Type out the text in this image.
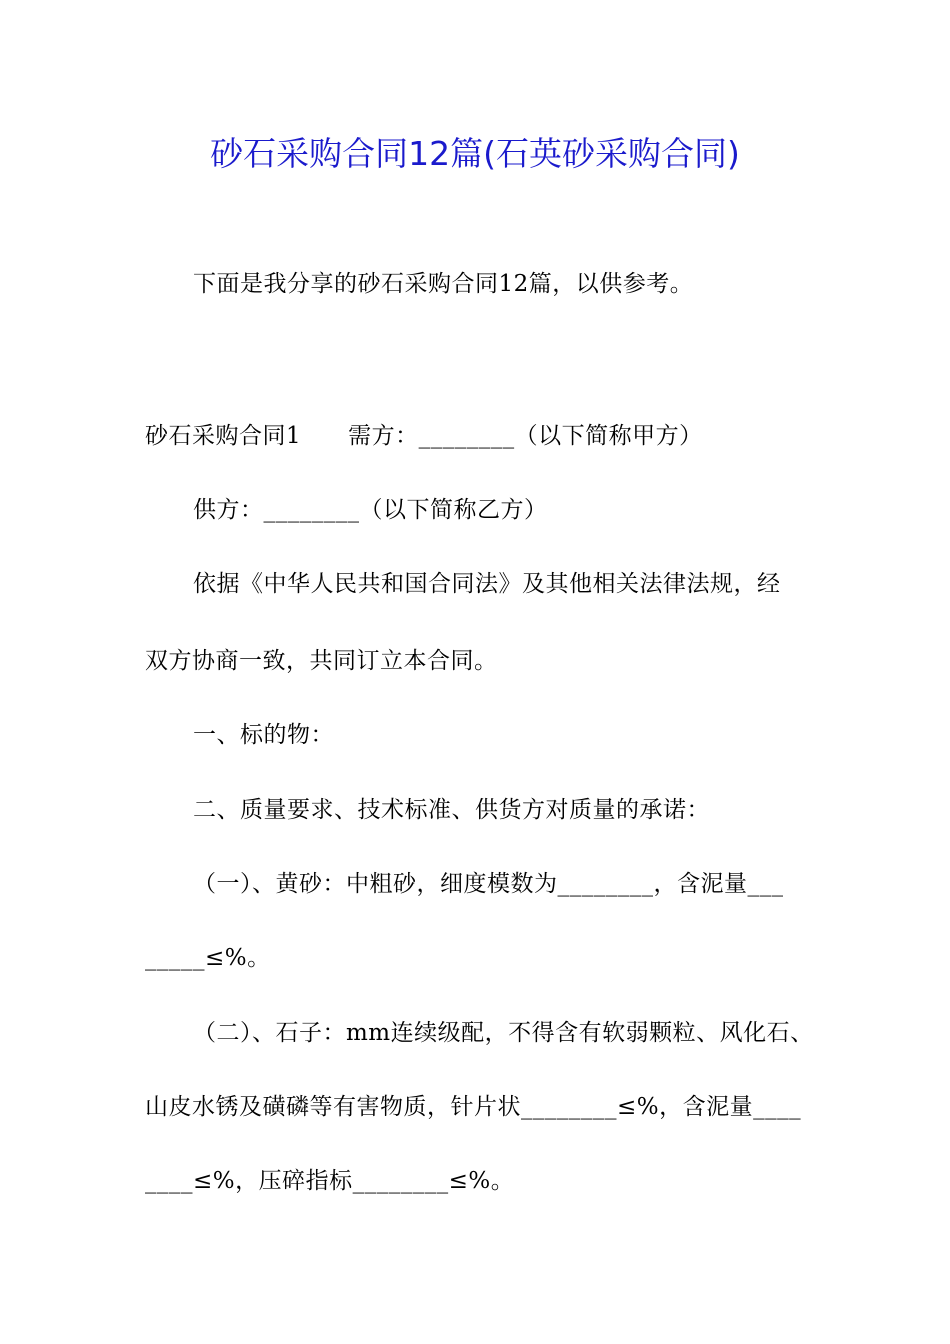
砂石采购合同12篇(石英砂采购合同)
下面是我分享的砂石采购合同12篇，以供参考。
砂石采购合同1　　需方：________（以下简称甲方）
供方：________（以下简称乙方）
依据《中华人民共和国合同法》及其他相关法律法规，经
双方协商一致，共同订立本合同。
一、标的物：
二、质量要求、技术标准、供货方对质量的承诺：
（一）、黄砂：中粗砂，细度模数为________，含泥量___
_____≤%。
（二）、石子：mm连续级配，不得含有软弱颗粒、风化石、
山皮水锈及磺磷等有害物质，针片状________≤%，含泥量____
____≤%，压碎指标________≤%。
